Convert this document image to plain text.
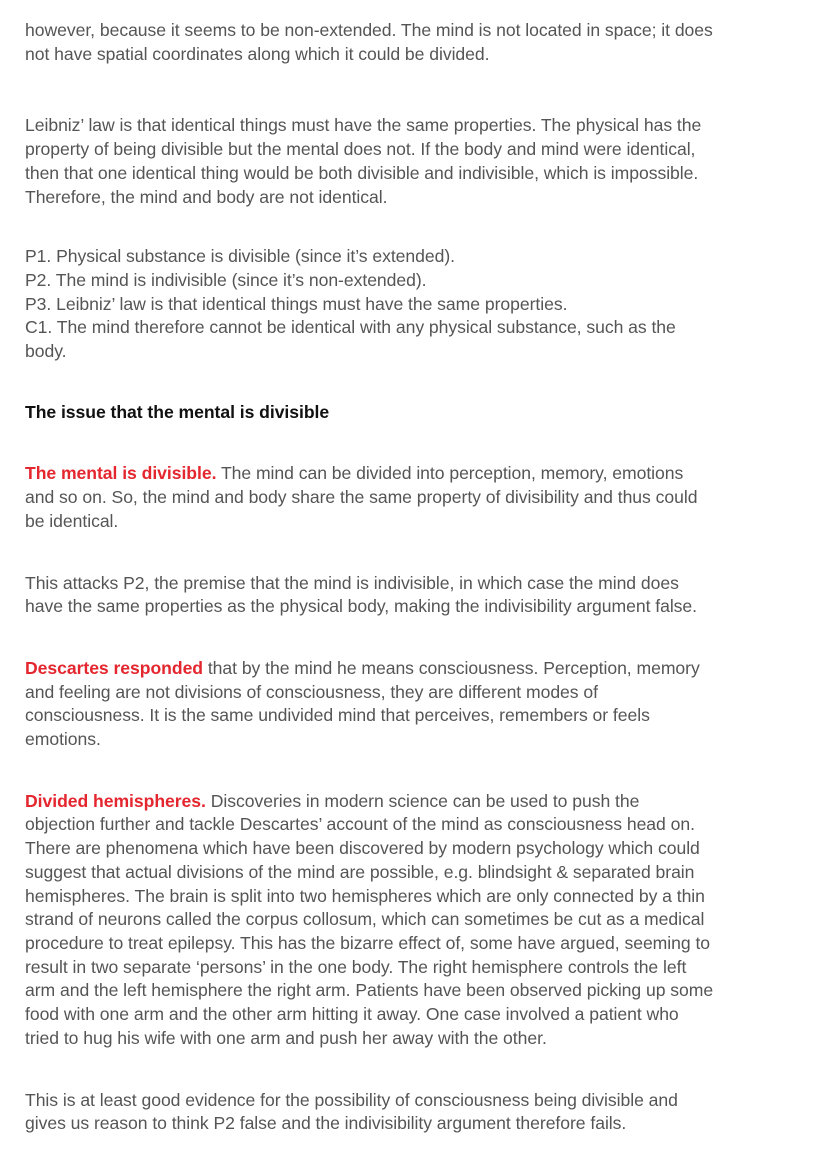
however, because it seems to be non-extended. The mind is not located in space; it does
not have spatial coordinates along which it could be divided.

Leibniz’ law is that identical things must have the same properties. The physical has the
property of being divisible but the mental does not. If the body and mind were identical,
then that one identical thing would be both divisible and indivisible, which is impossible.
Therefore, the mind and body are not identical.

P1. Physical substance is divisible (since it’s extended).
P2. The mind is indivisible (since it’s non-extended).
P3. Leibniz’ law is that identical things must have the same properties.
C1. The mind therefore cannot be identical with any physical substance, such as the
body.

The issue that the mental is divisible

The mental is divisible. The mind can be divided into perception, memory, emotions
and so on. So, the mind and body share the same property of divisibility and thus could
be identical.

This attacks P2, the premise that the mind is indivisible, in which case the mind does
have the same properties as the physical body, making the indivisibility argument false.

Descartes responded that by the mind he means consciousness. Perception, memory
and feeling are not divisions of consciousness, they are different modes of
consciousness. It is the same undivided mind that perceives, remembers or feels
emotions.

Divided hemispheres. Discoveries in modern science can be used to push the
objection further and tackle Descartes’ account of the mind as consciousness head on.
There are phenomena which have been discovered by modern psychology which could
suggest that actual divisions of the mind are possible, e.g. blindsight & separated brain
hemispheres. The brain is split into two hemispheres which are only connected by a thin
strand of neurons called the corpus collosum, which can sometimes be cut as a medical
procedure to treat epilepsy. This has the bizarre effect of, some have argued, seeming to
result in two separate ‘persons’ in the one body. The right hemisphere controls the left
arm and the left hemisphere the right arm. Patients have been observed picking up some
food with one arm and the other arm hitting it away. One case involved a patient who
tried to hug his wife with one arm and push her away with the other.

This is at least good evidence for the possibility of consciousness being divisible and
gives us reason to think P2 false and the indivisibility argument therefore fails.
